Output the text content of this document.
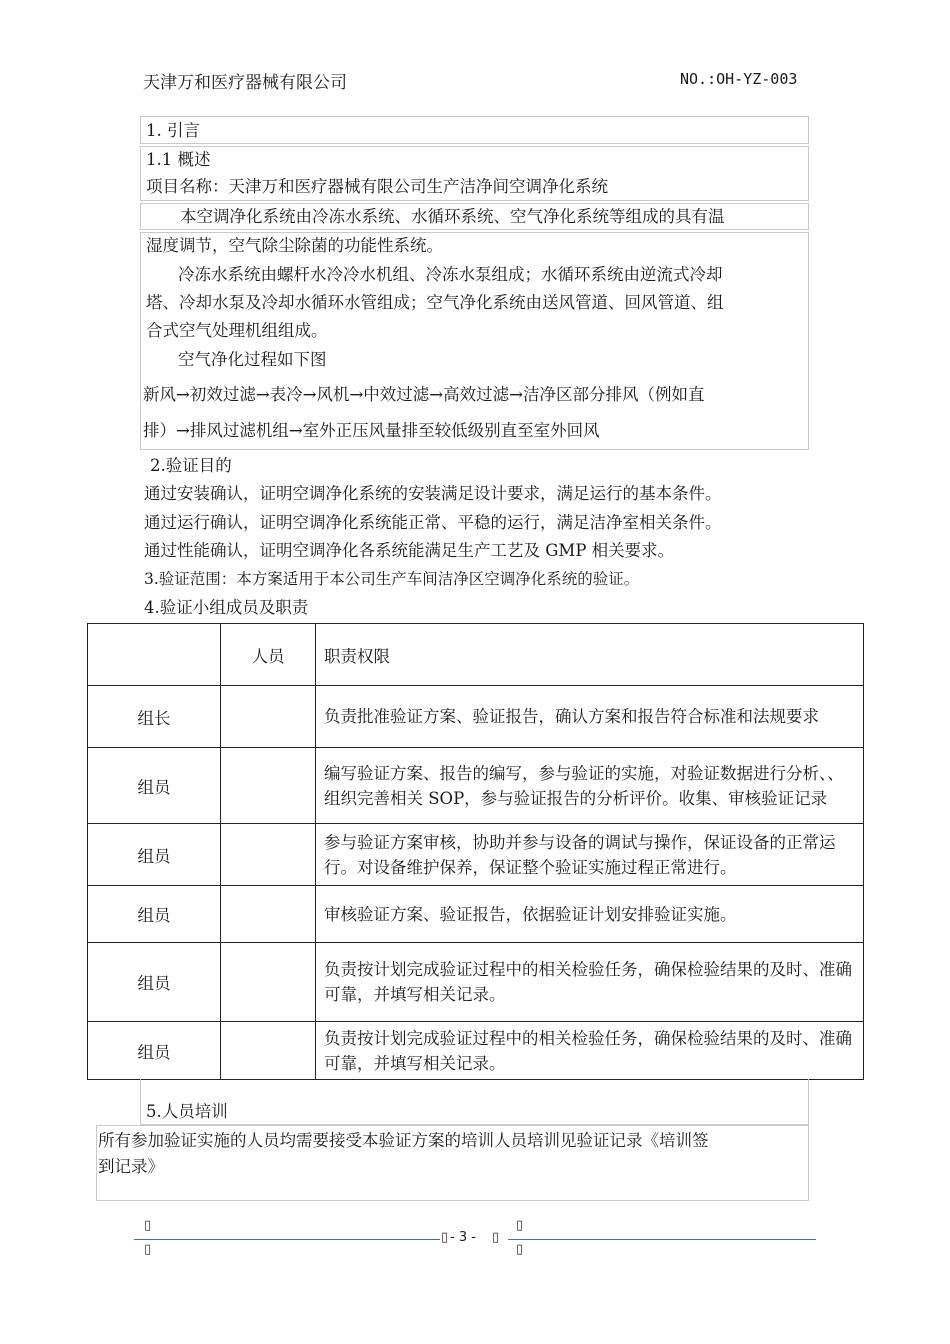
天津万和医疗器械有限公司	NO.:OH-YZ-003
1. 引言
1.1 概述
项目名称：天津万和医疗器械有限公司生产洁净间空调净化系统
本空调净化系统由冷冻水系统、水循环系统、空气净化系统等组成的具有温
湿度调节，空气除尘除菌的功能性系统。
冷冻水系统由螺杆水冷冷水机组、冷冻水泵组成；水循环系统由逆流式冷却
塔、冷却水泵及冷却水循环水管组成；空气净化系统由送风管道、回风管道、组
合式空气处理机组组成。
空气净化过程如下图
新风→初效过滤→表冷→风机→中效过滤→高效过滤→洁净区部分排风（例如直
排）→排风过滤机组→室外正压风量排至较低级别直至室外回风
2.验证目的
通过安装确认，证明空调净化系统的安装满足设计要求，满足运行的基本条件。
通过运行确认，证明空调净化系统能正常、平稳的运行，满足洁净室相关条件。
通过性能确认，证明空调净化各系统能满足生产工艺及 GMP 相关要求。
3.验证范围：本方案适用于本公司生产车间洁净区空调净化系统的验证。
4.验证小组成员及职责
	人员	职责权限
组长		负责批准验证方案、验证报告，确认方案和报告符合标准和法规要求
组员		编写验证方案、报告的编写，参与验证的实施，对验证数据进行分析、、组织完善相关 SOP，参与验证报告的分析评价。收集、审核验证记录
组员		参与验证方案审核，协助并参与设备的调试与操作，保证设备的正常运行。对设备维护保养，保证整个验证实施过程正常进行。
组员		审核验证方案、验证报告，依据验证计划安排验证实施。
组员		负责按计划完成验证过程中的相关检验任务，确保检验结果的及时、准确可靠，并填写相关记录。
组员		负责按计划完成验证过程中的相关检验任务，确保检验结果的及时、准确可靠，并填写相关记录。
5.人员培训
所有参加验证实施的人员均需要接受本验证方案的培训人员培训见验证记录《培训签
到记录》
▯
▯
▯
▯
▯	▯
- 3 -
